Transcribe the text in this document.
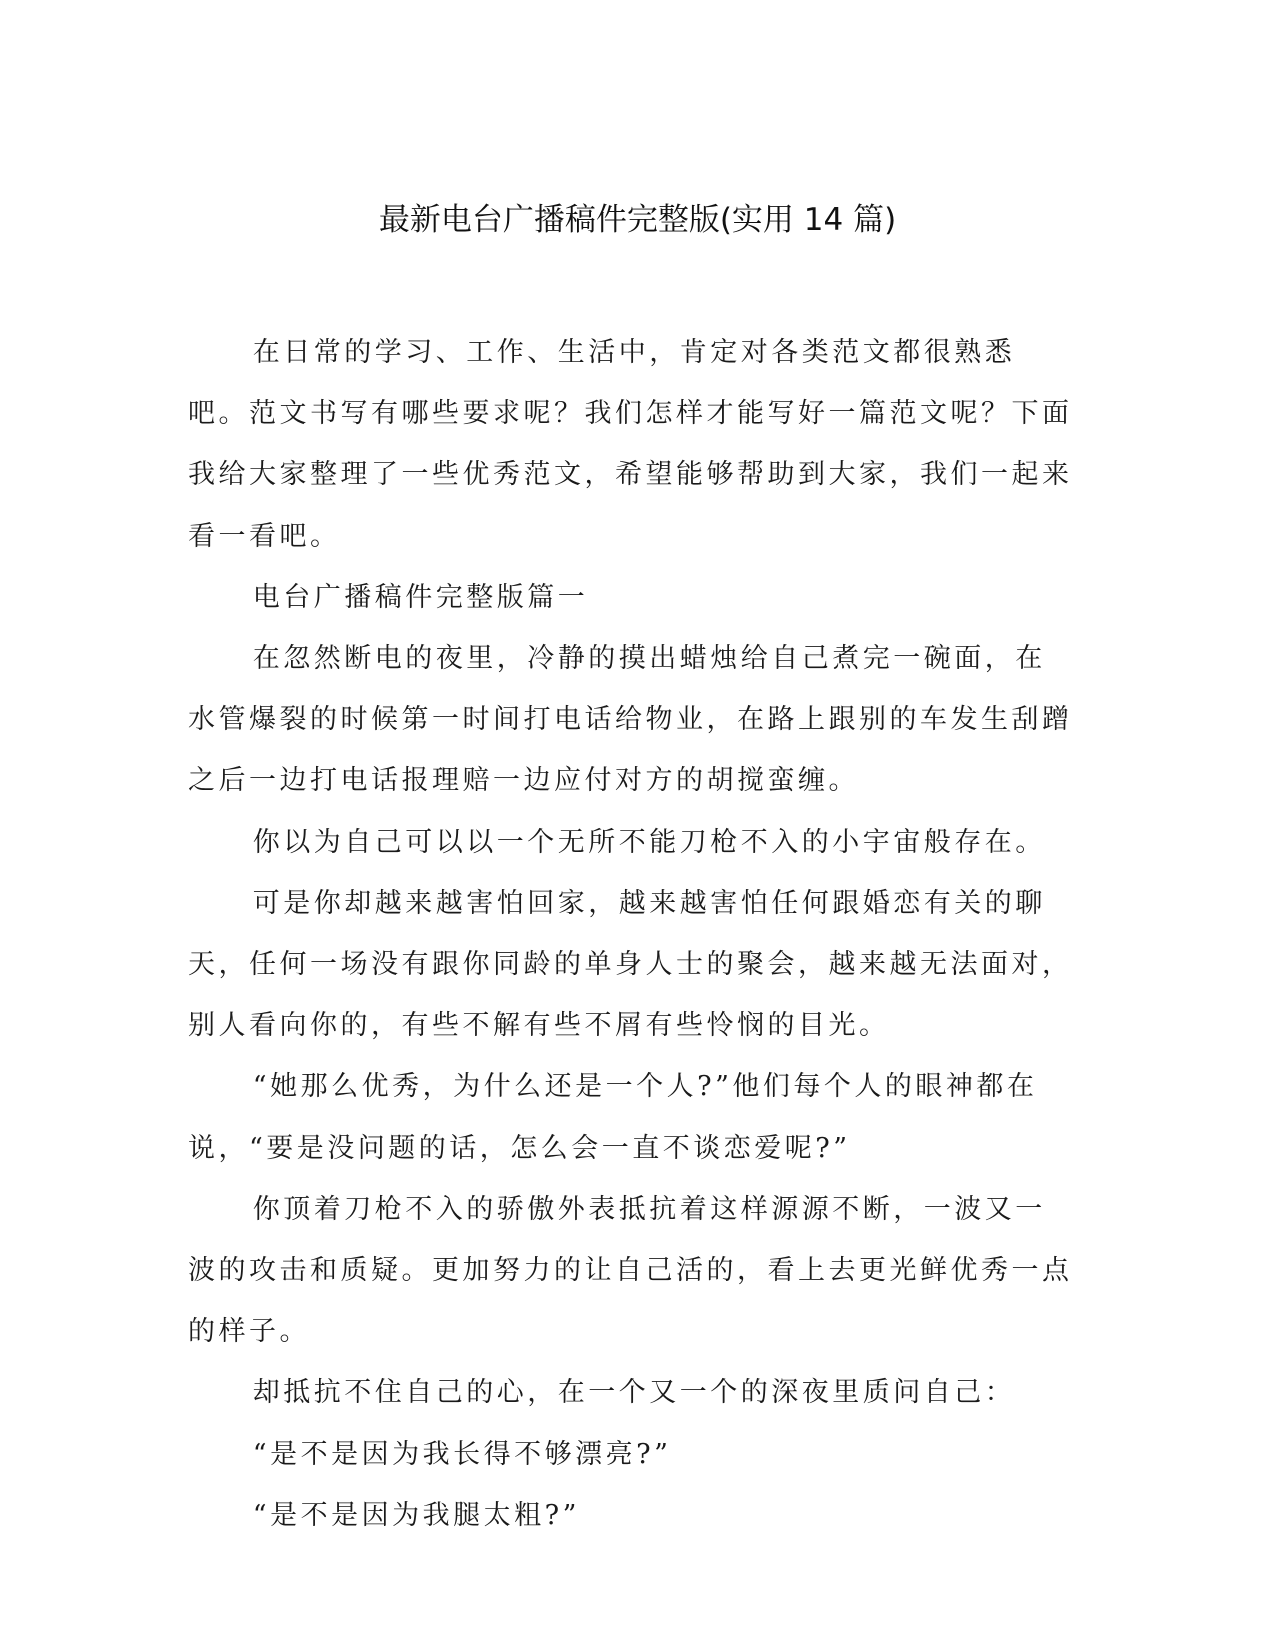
最新电台广播稿件完整版(实用 14 篇)

在日常的学习、工作、生活中，肯定对各类范文都很熟悉吧。范文书写有哪些要求呢？我们怎样才能写好一篇范文呢？下面我给大家整理了一些优秀范文，希望能够帮助到大家，我们一起来看一看吧。

电台广播稿件完整版篇一

在忽然断电的夜里，冷静的摸出蜡烛给自己煮完一碗面，在水管爆裂的时候第一时间打电话给物业，在路上跟别的车发生刮蹭之后一边打电话报理赔一边应付对方的胡搅蛮缠。

你以为自己可以以一个无所不能刀枪不入的小宇宙般存在。

可是你却越来越害怕回家，越来越害怕任何跟婚恋有关的聊天，任何一场没有跟你同龄的单身人士的聚会，越来越无法面对，别人看向你的，有些不解有些不屑有些怜悯的目光。

“她那么优秀，为什么还是一个人?”他们每个人的眼神都在说，“要是没问题的话，怎么会一直不谈恋爱呢?”

你顶着刀枪不入的骄傲外表抵抗着这样源源不断，一波又一波的攻击和质疑。更加努力的让自己活的，看上去更光鲜优秀一点的样子。

却抵抗不住自己的心，在一个又一个的深夜里质问自己：

“是不是因为我长得不够漂亮?”

“是不是因为我腿太粗?”
